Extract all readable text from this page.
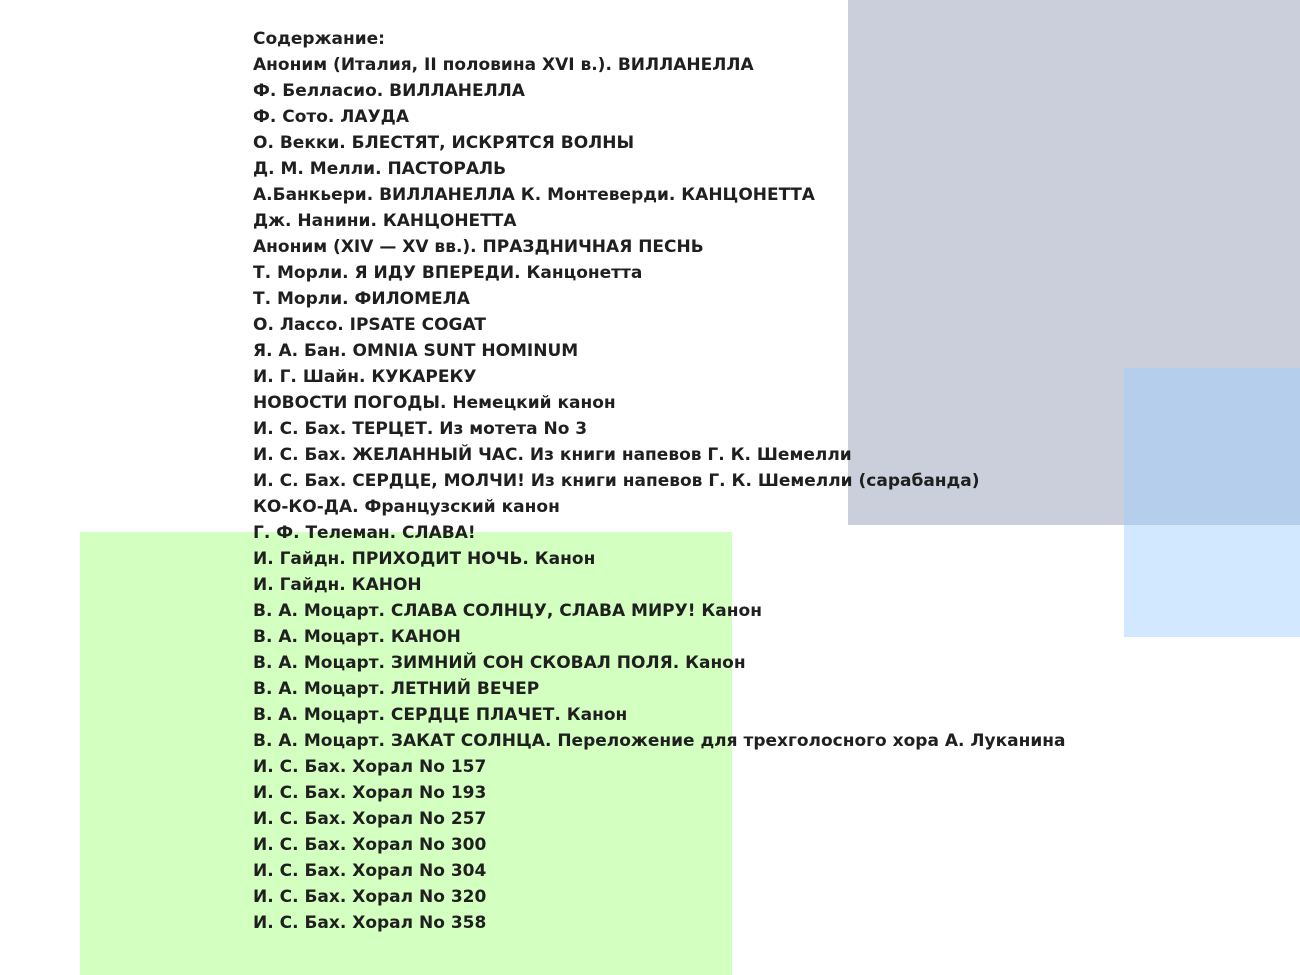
Содержание:
Аноним (Италия, II половина XVI в.). ВИЛЛАНЕЛЛА
Ф. Белласио. ВИЛЛАНЕЛЛА
Ф. Сото. ЛАУДА
О. Векки. БЛЕСТЯТ, ИСКРЯТСЯ ВОЛНЫ
Д. М. Мелли. ПАСТОРАЛЬ
А.Банкьери. ВИЛЛАНЕЛЛА К. Монтеверди. КАНЦОНЕТТА
Дж. Нанини. КАНЦОНЕТТА
Аноним (XIV — XV вв.). ПРАЗДНИЧНАЯ ПЕСНЬ
Т. Морли. Я ИДУ ВПЕРЕДИ. Канцонетта
Т. Морли. ФИЛОМЕЛА
О. Лассо. IPSATE COGAT
Я. А. Бан. OMNIA SUNT HOMINUM
И. Г. Шайн. КУКАРЕКУ
НОВОСТИ ПОГОДЫ. Немецкий канон
И. С. Бах. ТЕРЦЕТ. Из мотета No 3
И. С. Бах. ЖЕЛАННЫЙ ЧАС. Из книги напевов Г. К. Шемелли
И. С. Бах. СЕРДЦЕ, МОЛЧИ! Из книги напевов Г. К. Шемелли (сарабанда)
КО-КО-ДА. Французский канон
Г. Ф. Телеман. СЛАВА!
И. Гайдн. ПРИХОДИТ НОЧЬ. Канон
И. Гайдн. КАНОН
В. А. Моцарт. СЛАВА СОЛНЦУ, СЛАВА МИРУ! Канон
В. А. Моцарт. КАНОН
В. А. Моцарт. ЗИМНИЙ СОН СКОВАЛ ПОЛЯ. Канон
В. А. Моцарт. ЛЕТНИЙ ВЕЧЕР
В. А. Моцарт. СЕРДЦЕ ПЛАЧЕТ. Канон
В. А. Моцарт. ЗАКАТ СОЛНЦА. Переложение для трехголосного хора А. Луканина
И. С. Бах. Хорал No 157
И. С. Бах. Хорал No 193
И. С. Бах. Хорал No 257
И. С. Бах. Хорал No 300
И. С. Бах. Хорал No 304
И. С. Бах. Хорал No 320
И. С. Бах. Хорал No 358
